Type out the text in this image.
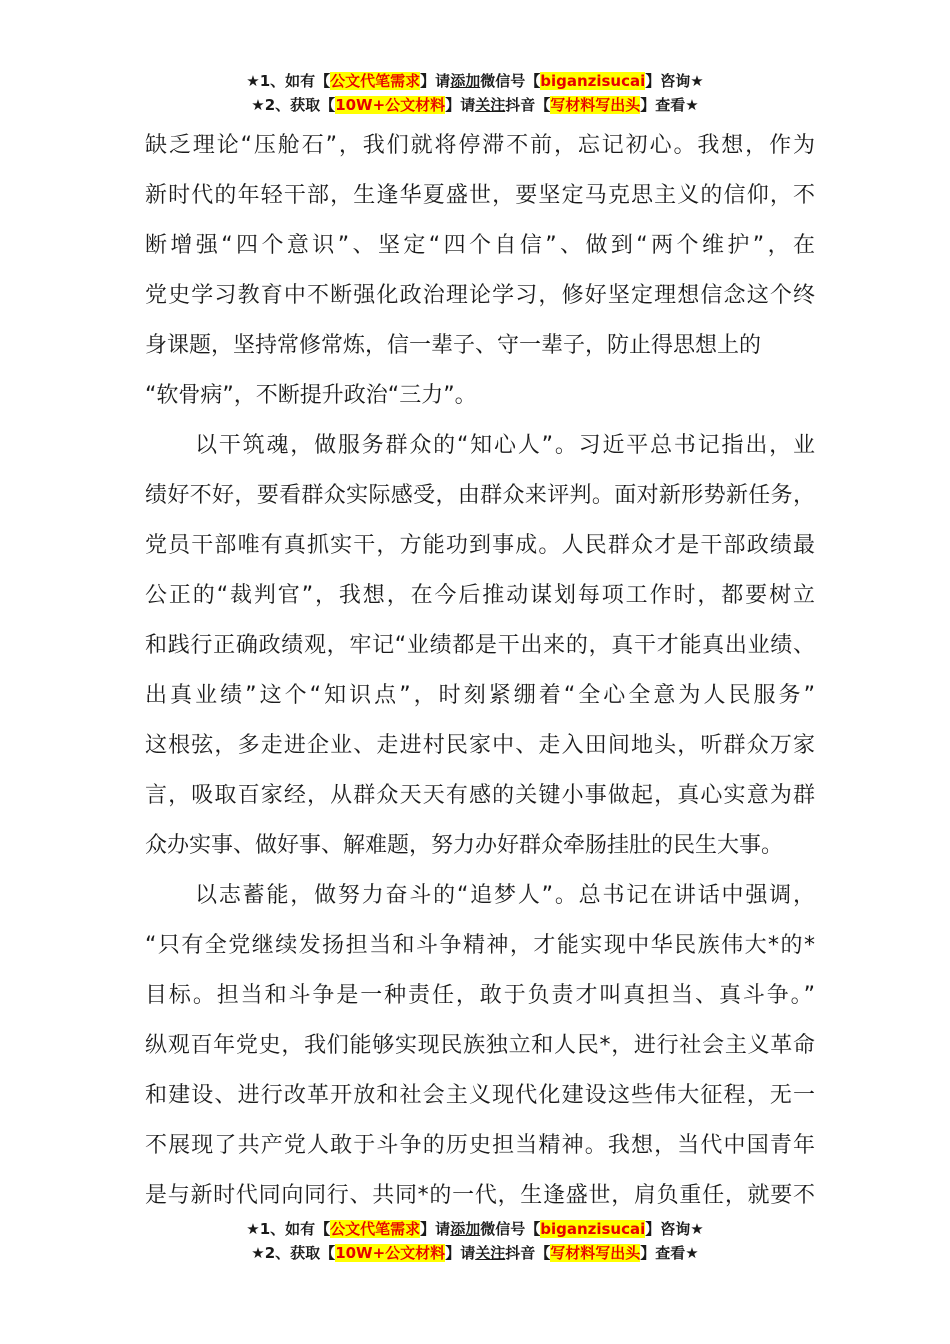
★1、如有【公文代笔需求】请添加微信号【biganzisucai】咨询★
★2、获取【10W+公文材料】请关注抖音【写材料写出头】查看★
缺乏理论“压舱石”，我们就将停滞不前，忘记初心。我想，作为
新时代的年轻干部，生逢华夏盛世，要坚定马克思主义的信仰，不
断增强“四个意识”、坚定“四个自信”、做到“两个维护”，在
党史学习教育中不断强化政治理论学习，修好坚定理想信念这个终
身课题，坚持常修常炼，信一辈子、守一辈子，防止得思想上的
“软骨病”，不断提升政治“三力”。
以干筑魂，做服务群众的“知心人”。习近平总书记指出，业
绩好不好，要看群众实际感受，由群众来评判。面对新形势新任务，
党员干部唯有真抓实干，方能功到事成。人民群众才是干部政绩最
公正的“裁判官”，我想，在今后推动谋划每项工作时，都要树立
和践行正确政绩观，牢记“业绩都是干出来的，真干才能真出业绩、
出真业绩”这个“知识点”，时刻紧绷着“全心全意为人民服务”
这根弦，多走进企业、走进村民家中、走入田间地头，听群众万家
言，吸取百家经，从群众天天有感的关键小事做起，真心实意为群
众办实事、做好事、解难题，努力办好群众牵肠挂肚的民生大事。
以志蓄能，做努力奋斗的“追梦人”。总书记在讲话中强调，
“只有全党继续发扬担当和斗争精神，才能实现中华民族伟大*的*
目标。担当和斗争是一种责任，敢于负责才叫真担当、真斗争。”
纵观百年党史，我们能够实现民族独立和人民*，进行社会主义革命
和建设、进行改革开放和社会主义现代化建设这些伟大征程，无一
不展现了共产党人敢于斗争的历史担当精神。我想，当代中国青年
是与新时代同向同行、共同*的一代，生逢盛世，肩负重任，就要不
★1、如有【公文代笔需求】请添加微信号【biganzisucai】咨询★
★2、获取【10W+公文材料】请关注抖音【写材料写出头】查看★
